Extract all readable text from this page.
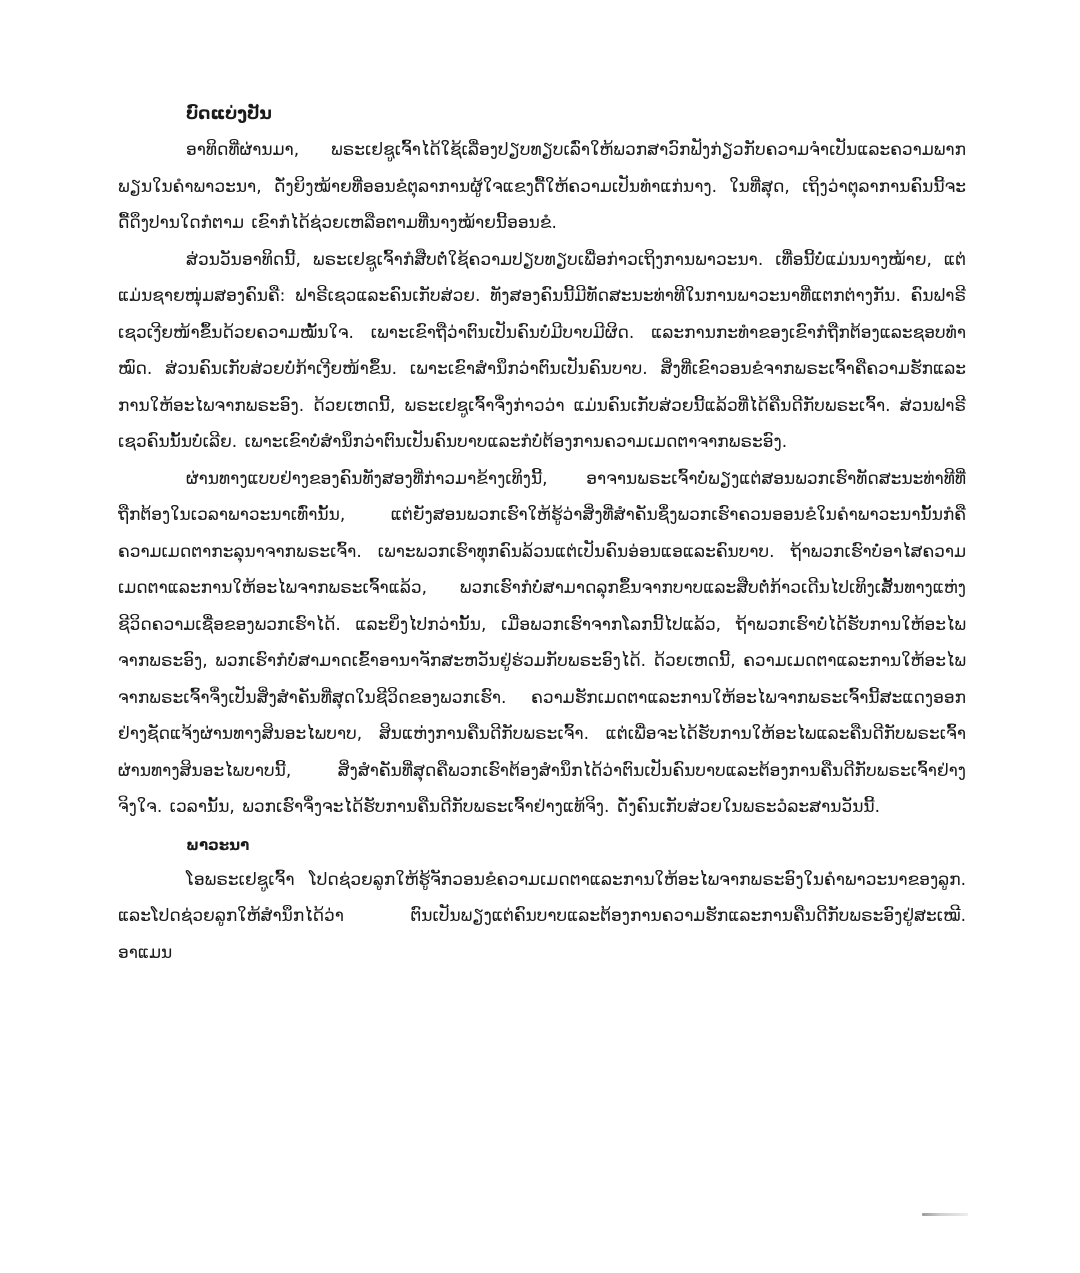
ບົດແບ່ງປັນ

ອາທິດທີ່ຜ່ານມາ, ພຣະເຢຊູເຈົ້າໄດ້ໃຊ້ເລື່ອງປຽບທຽບເລົ່າໃຫ້ພວກສາວົກຟັງກ່ຽວກັບຄວາມຈໍາເປັນແລະຄວາມພາກພຽນໃນຄໍາພາວະນາ, ດັ່ງຍິງໝ້າຍທີ່ອອນຂໍຕຸລາການຜູ້ໃຈແຂງດື້ໃຫ້ຄວາມເປັນທໍາແກ່ນາງ. ໃນທີ່ສຸດ, ເຖິງວ່າຕຸລາການຄົນນີ້ຈະດື້ດຶງປານໃດກໍຕາມ ເຂົາກໍໄດ້ຊ່ວຍເຫລືອຕາມທີ່ນາງໝ້າຍນີ້ອອນຂໍ.

ສ່ວນວັນອາທິດນີ້, ພຣະເຢຊູເຈົ້າກໍສືບຕໍ່ໃຊ້ຄວາມປຽບທຽບເພື່ອກ່າວເຖິງການພາວະນາ. ເທື່ອນີ້ບໍ່ແມ່ນນາງໝ້າຍ, ແຕ່ແມ່ນຊາຍໜຸ່ມສອງຄົນຄື: ຟາຣີເຊວແລະຄົນເກັບສ່ວຍ. ທັງສອງຄົນນີ້ມີທັດສະນະທ່າທີໃນການພາວະນາທີ່ແຕກຕ່າງກັນ. ຄົນຟາຣີເຊວເງີຍໜ້າຂຶ້ນດ້ວຍຄວາມໝັ້ນໃຈ. ເພາະເຂົາຖືວ່າຕົນເປັນຄົນບໍ່ມີບາບມີຜິດ. ແລະການກະທໍາຂອງເຂົາກໍຖືກຕ້ອງແລະຊອບທໍາໝົດ. ສ່ວນຄົນເກັບສ່ວຍບໍ່ກ້າເງີຍໜ້າຂຶ້ນ. ເພາະເຂົາສໍານຶກວ່າຕົນເປັນຄົນບາບ. ສິ່ງທີ່ເຂົາວອນຂໍຈາກພຣະເຈົ້າຄືຄວາມຮັກແລະການໃຫ້ອະໄພຈາກພຣະອົງ. ດ້ວຍເຫດນີ້, ພຣະເຢຊູເຈົ້າຈຶ່ງກ່າວວ່າ ແມ່ນຄົນເກັບສ່ວຍນີ້ແລ້ວທີ່ໄດ້ຄືນດີກັບພຣະເຈົ້າ. ສ່ວນຟາຣີເຊວຄົນນັ້ນບໍ່ເລີຍ. ເພາະເຂົາບໍ່ສໍານຶກວ່າຕົນເປັນຄົນບາບແລະກໍບໍ່ຕ້ອງການຄວາມເມດຕາຈາກພຣະອົງ.

ຜ່ານທາງແບບຢ່າງຂອງຄົນທັງສອງທີ່ກ່າວມາຂ້າງເທິງນີ້, ອາຈານພຣະເຈົ້າບໍ່ພຽງແຕ່ສອນພວກເຮົາທັດສະນະທ່າທີທີ່ຖືກຕ້ອງໃນເວລາພາວະນາເທົ່ານັ້ນ, ແຕ່ຍັງສອນພວກເຮົາໃຫ້ຮູ້ວ່າສິ່ງທີ່ສໍາຄັນຊຶ່ງພວກເຮົາຄວນອອນຂໍໃນຄໍາພາວະນານັ້ນກໍຄື ຄວາມເມດຕາກະລຸນາຈາກພຣະເຈົ້າ. ເພາະພວກເຮົາທຸກຄົນລ້ວນແຕ່ເປັນຄົນອ່ອນແອແລະຄົນບາບ. ຖ້າພວກເຮົາບໍ່ອາໄສຄວາມເມດຕາແລະການໃຫ້ອະໄພຈາກພຣະເຈົ້າແລ້ວ, ພວກເຮົາກໍບໍ່ສາມາດລຸກຂຶ້ນຈາກບາບແລະສືບຕໍ່ກ້າວເດີນໄປເທິງເສັ້ນທາງແຫ່ງຊີວິດຄວາມເຊື່ອຂອງພວກເຮົາໄດ້. ແລະຍິ່ງໄປກວ່ານັ້ນ, ເມື່ອພວກເຮົາຈາກໂລກນີ້ໄປແລ້ວ, ຖ້າພວກເຮົາບໍ່ໄດ້ຮັບການໃຫ້ອະໄພຈາກພຣະອົງ, ພວກເຮົາກໍບໍ່ສາມາດເຂົ້າອານາຈັກສະຫວັນຢູ່ຮ່ວມກັບພຣະອົງໄດ້. ດ້ວຍເຫດນີ້, ຄວາມເມດຕາແລະການໃຫ້ອະໄພຈາກພຣະເຈົ້າຈຶ່ງເປັນສິ່ງສໍາຄັນທີ່ສຸດໃນຊີວິດຂອງພວກເຮົາ. ຄວາມຮັກເມດຕາແລະການໃຫ້ອະໄພຈາກພຣະເຈົ້ານີ້ສະແດງອອກຢ່າງຊັດແຈ້ງຜ່ານທາງສິນອະໄພບາບ, ສິນແຫ່ງການຄືນດີກັບພຣະເຈົ້າ. ແຕ່ເພື່ອຈະໄດ້ຮັບການໃຫ້ອະໄພແລະຄືນດີກັບພຣະເຈົ້າຜ່ານທາງສິນອະໄພບາບນີ້, ສິ່ງສໍາຄັນທີ່ສຸດຄືພວກເຮົາຕ້ອງສໍານຶກໄດ້ວ່າຕົນເປັນຄົນບາບແລະຕ້ອງການຄືນດີກັບພຣະເຈົ້າຢ່າງຈິງໃຈ. ເວລານັ້ນ, ພວກເຮົາຈຶ່ງຈະໄດ້ຮັບການຄືນດີກັບພຣະເຈົ້າຢ່າງແທ້ຈິງ. ດັ່ງຄົນເກັບສ່ວຍໃນພຣະວໍລະສານວັນນີ້.

ພາວະນາ

ໂອພຣະເຢຊູເຈົ້າ ໂປດຊ່ວຍລູກໃຫ້ຮູ້ຈັກວອນຂໍຄວາມເມດຕາແລະການໃຫ້ອະໄພຈາກພຣະອົງໃນຄໍາພາວະນາຂອງລູກ. ແລະໂປດຊ່ວຍລູກໃຫ້ສໍານຶກໄດ້ວ່າ ຕົນເປັນພຽງແຕ່ຄົນບາບແລະຕ້ອງການຄວາມຮັກແລະການຄືນດີກັບພຣະອົງຢູ່ສະເໝີ. ອາແມນ
